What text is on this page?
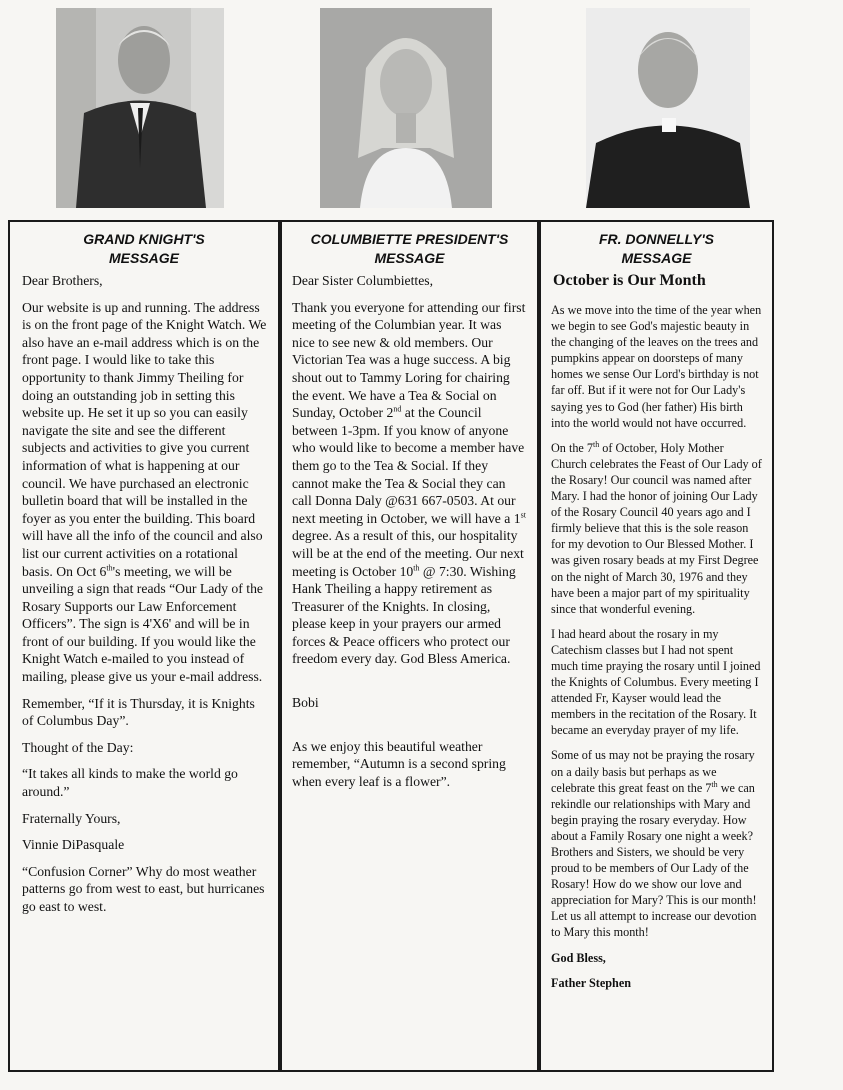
GRAND KNIGHT'S
MESSAGE

Dear Brothers,

Our website is up and running. The address is on the front page of the Knight Watch. We also have an e-mail address which is on the front page. I would like to take this opportunity to thank Jimmy Theiling for doing an outstanding job in setting this website up. He set it up so you can easily navigate the site and see the different subjects and activities to give you current information of what is happening at our council. We have purchased an electronic bulletin board that will be installed in the foyer as you enter the building. This board will have all the info of the council and also list our current activities on a rotational basis. On Oct 6th's meeting, we will be unveiling a sign that reads “Our Lady of the Rosary Supports our Law Enforcement Officers”. The sign is 4'X6' and will be in front of our building. If you would like the Knight Watch e-mailed to you instead of mailing, please give us your e-mail address.

Remember, “If it is Thursday, it is Knights of Columbus Day”.

Thought of the Day:

“It takes all kinds to make the world go around.”

Fraternally Yours,

Vinnie DiPasquale

“Confusion Corner” Why do most weather patterns go from west to east, but hurricanes go east to west.

COLUMBIETTE PRESIDENT'S
MESSAGE

Dear Sister Columbiettes,

Thank you everyone for attending our first meeting of the Columbian year. It was nice to see new & old members. Our Victorian Tea was a huge success. A big shout out to Tammy Loring for chairing the event. We have a Tea & Social on Sunday, October 2nd at the Council between 1-3pm. If you know of anyone who would like to become a member have them go to the Tea & Social. If they cannot make the Tea & Social they can call Donna Daly @631 667-0503. At our next meeting in October, we will have a 1st degree. As a result of this, our hospitality will be at the end of the meeting. Our next meeting is October 10th @ 7:30. Wishing Hank Theiling a happy retirement as Treasurer of the Knights. In closing, please keep in your prayers our armed forces & Peace officers who protect our freedom every day. God Bless America.

Bobi

As we enjoy this beautiful weather remember, “Autumn is a second spring when every leaf is a flower”.

FR. DONNELLY'S
MESSAGE
October is Our Month

As we move into the time of the year when we begin to see God's majestic beauty in the changing of the leaves on the trees and pumpkins appear on doorsteps of many homes we sense Our Lord's birthday is not far off. But if it were not for Our Lady's saying yes to God (her father) His birth into the world would not have occurred.

On the 7th of October, Holy Mother Church celebrates the Feast of Our Lady of the Rosary! Our council was named after Mary. I had the honor of joining Our Lady of the Rosary Council 40 years ago and I firmly believe that this is the sole reason for my devotion to Our Blessed Mother. I was given rosary beads at my First Degree on the night of March 30, 1976 and they have been a major part of my spirituality since that wonderful evening.

I had heard about the rosary in my Catechism classes but I had not spent much time praying the rosary until I joined the Knights of Columbus. Every meeting I attended Fr, Kayser would lead the members in the recitation of the Rosary. It became an everyday prayer of my life.

Some of us may not be praying the rosary on a daily basis but perhaps as we celebrate this great feast on the 7th we can rekindle our relationships with Mary and begin praying the rosary everyday. How about a Family Rosary one night a week? Brothers and Sisters, we should be very proud to be members of Our Lady of the Rosary! How do we show our love and appreciation for Mary? This is our month! Let us all attempt to increase our devotion to Mary this month!

God Bless,

Father Stephen
